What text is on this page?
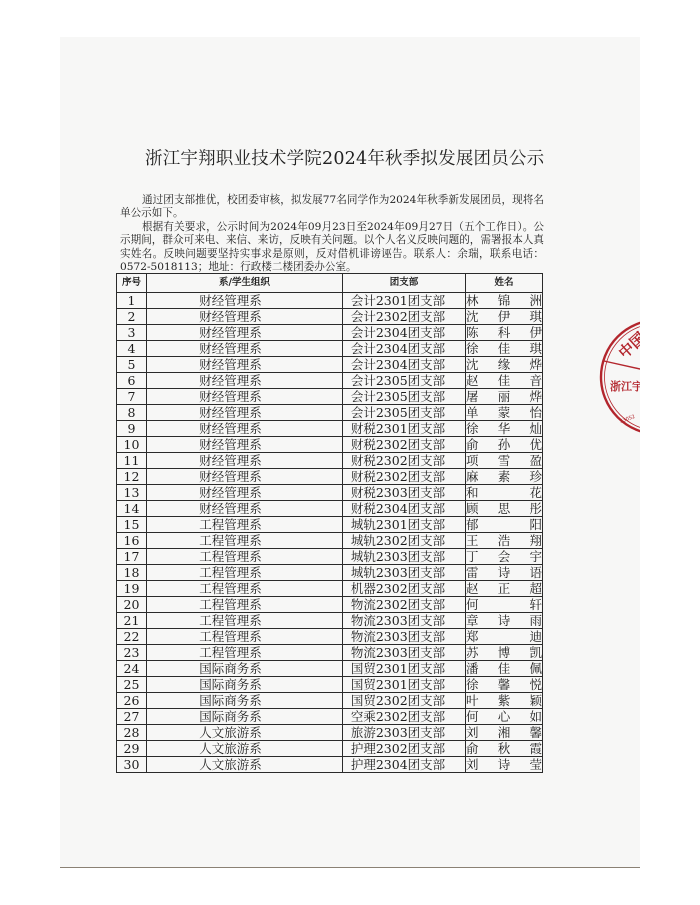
浙江宇翔职业技术学院2024年秋季拟发展团员公示
通过团支部推优，校团委审核，拟发展77名同学作为2024年秋季新发展团员，现将名单公示如下。
根据有关要求，公示时间为2024年09月23日至2024年09月27日（五个工作日）。公示期间，群众可来电、来信、来访，反映有关问题。以个人名义反映问题的，需署报本人真实姓名。反映问题要坚持实事求是原则，反对借机诽谤诬告。联系人：余瑞，联系电话：0572-5018113；地址：行政楼二楼团委办公室。
序号	系/学生组织	团支部	姓名
1	财经管理系	会计2301团支部	林 锦 洲

2	财经管理系	会计2302团支部	沈 伊 琪

3	财经管理系	会计2304团支部	陈 科 伊

4	财经管理系	会计2304团支部	徐 佳 琪

5	财经管理系	会计2304团支部	沈 缘 烨

6	财经管理系	会计2305团支部	赵 佳 音

7	财经管理系	会计2305团支部	屠 丽 烨

8	财经管理系	会计2305团支部	单 蒙 怡

9	财经管理系	财税2301团支部	徐 华 灿

10	财经管理系	财税2302团支部	俞 孙 优

11	财经管理系	财税2302团支部	项 雪 盈

12	财经管理系	财税2302团支部	麻 素 珍

13	财经管理系	财税2303团支部	和 花

14	财经管理系	财税2304团支部	顾 思 彤

15	工程管理系	城轨2301团支部	郁 阳

16	工程管理系	城轨2302团支部	王 浩 翔

17	工程管理系	城轨2303团支部	丁 会 宇

18	工程管理系	城轨2303团支部	雷 诗 语

19	工程管理系	机器2302团支部	赵 正 超

20	工程管理系	物流2302团支部	何 轩

21	工程管理系	物流2303团支部	章 诗 雨

22	工程管理系	物流2303团支部	郑 迪

23	工程管理系	物流2303团支部	苏 博 凯

24	国际商务系	国贸2301团支部	潘 佳 佩

25	国际商务系	国贸2301团支部	徐 馨 悦

26	国际商务系	国贸2302团支部	叶 紫 颖

27	国际商务系	空乘2302团支部	何 心 如

28	人文旅游系	旅游2303团支部	刘 湘 馨

29	人文旅游系	护理2302团支部	俞 秋 霞

30	人文旅游系	护理2304团支部	刘 诗 莹
中国共
浙江宇
委
33052
